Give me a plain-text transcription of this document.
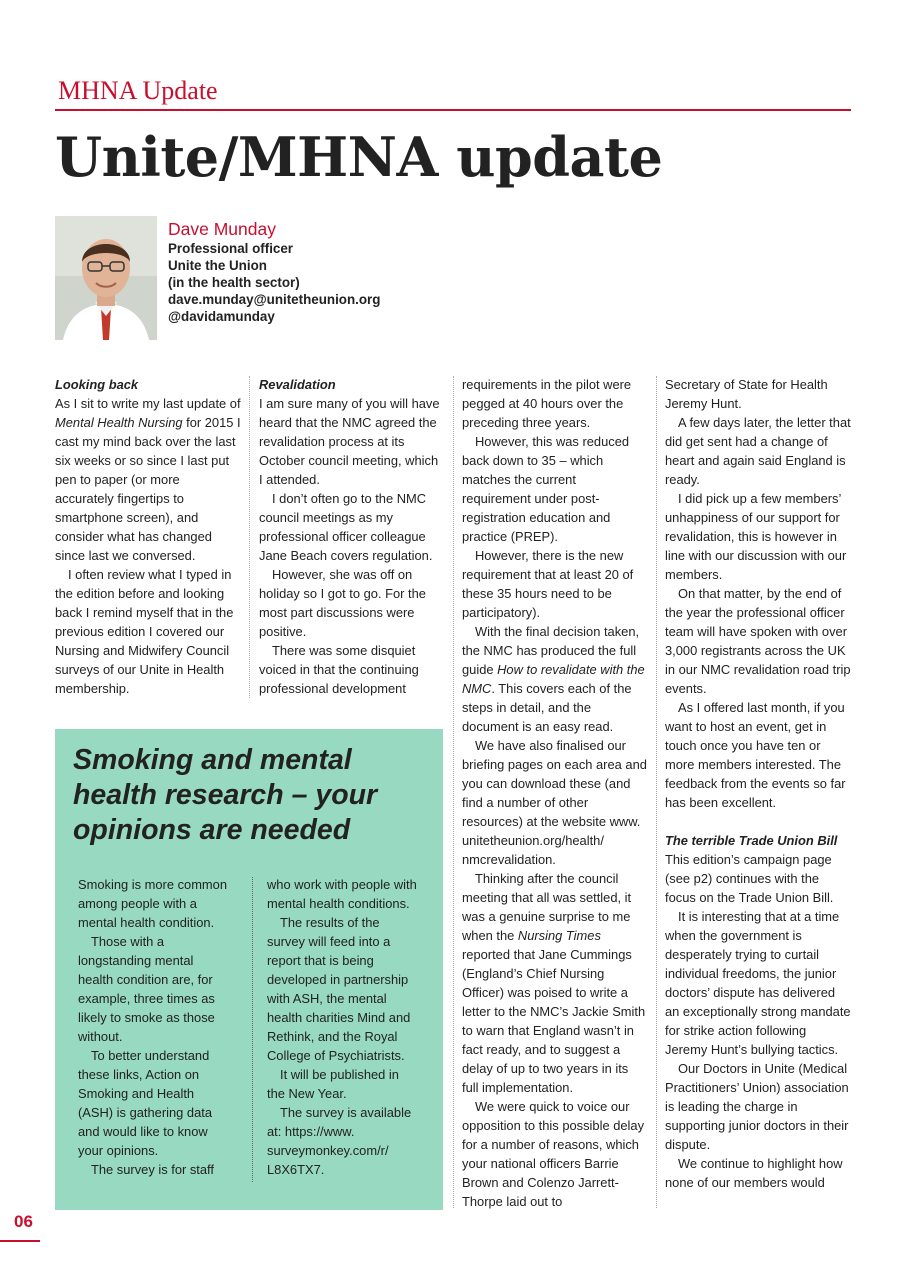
MHNA Update
Unite/MHNA update
Dave Munday
Professional officer
Unite the Union
(in the health sector)
dave.munday@unitetheunion.org
@davidamunday

Looking back

As I sit to write my last update of Mental Health Nursing for 2015 I cast my mind back over the last six weeks or so since I last put pen to paper (or more accurately fingertips to smartphone screen), and consider what has changed since last we conversed.

I often review what I typed in the edition before and looking back I remind myself that in the previous edition I covered our Nursing and Midwifery Council surveys of our Unite in Health membership.

Revalidation

I am sure many of you will have heard that the NMC agreed the revalidation process at its October council meeting, which I attended.

I don’t often go to the NMC council meetings as my professional officer colleague Jane Beach covers regulation.

However, she was off on holiday so I got to go. For the most part discussions were positive.

There was some disquiet voiced in that the continuing professional development

requirements in the pilot were pegged at 40 hours over the preceding three years.

However, this was reduced back down to 35 – which matches the current requirement under post-registration education and practice (PREP).

However, there is the new requirement that at least 20 of these 35 hours need to be participatory).

With the final decision taken, the NMC has produced the full guide How to revalidate with the NMC. This covers each of the steps in detail, and the document is an easy read.

We have also finalised our briefing pages on each area and you can download these (and find a number of other resources) at the website www. unitetheunion.org/health/ nmcrevalidation.

Thinking after the council meeting that all was settled, it was a genuine surprise to me when the Nursing Times reported that Jane Cummings (England’s Chief Nursing Officer) was poised to write a letter to the NMC’s Jackie Smith to warn that England wasn’t in fact ready, and to suggest a delay of up to two years in its full implementation.

We were quick to voice our opposition to this possible delay for a number of reasons, which your national officers Barrie Brown and Colenzo Jarrett-Thorpe laid out to

Secretary of State for Health Jeremy Hunt.

A few days later, the letter that did get sent had a change of heart and again said England is ready.

I did pick up a few members’ unhappiness of our support for revalidation, this is however in line with our discussion with our members.

On that matter, by the end of the year the professional officer team will have spoken with over 3,000 registrants across the UK in our NMC revalidation road trip events.

As I offered last month, if you want to host an event, get in touch once you have ten or more members interested. The feedback from the events so far has been excellent.

The terrible Trade Union Bill

This edition’s campaign page (see p2) continues with the focus on the Trade Union Bill.

It is interesting that at a time when the government is desperately trying to curtail individual freedoms, the junior doctors’ dispute has delivered an exceptionally strong mandate for strike action following Jeremy Hunt’s bullying tactics.

Our Doctors in Unite (Medical Practitioners’ Union) association is leading the charge in supporting junior doctors in their dispute.

We continue to highlight how none of our members would

Smoking and mental health research – your opinions are needed

Smoking is more common among people with a mental health condition.

Those with a longstanding mental health condition are, for example, three times as likely to smoke as those without.

To better understand these links, Action on Smoking and Health (ASH) is gathering data and would like to know your opinions.

The survey is for staff

who work with people with mental health conditions.

The results of the survey will feed into a report that is being developed in partnership with ASH, the mental health charities Mind and Rethink, and the Royal College of Psychiatrists.

It will be published in the New Year.

The survey is available at: https://www. surveymonkey.com/r/ L8X6TX7.

06
